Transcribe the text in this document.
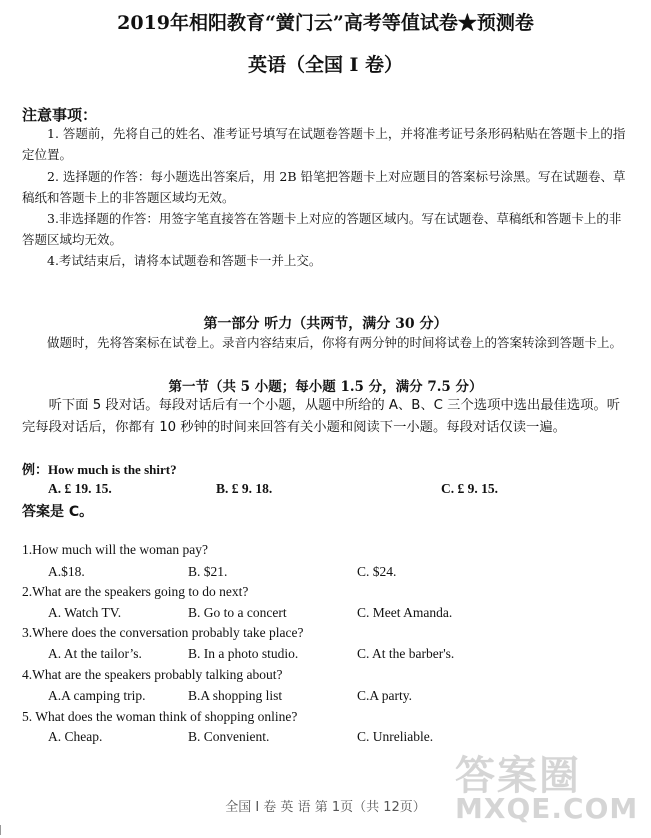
2019年相阳教育“黉门云”高考等值试卷★预测卷
英语（全国 I 卷）
注意事项：
1. 答题前，先将自己的姓名、准考证号填写在试题卷答题卡上，并将准考证号条形码粘贴在答题卡上的指定位置。
2. 选择题的作答：每小题选出答案后，用 2B 铅笔把答题卡上对应题目的答案标号涂黑。写在试题卷、草稿纸和答题卡上的非答题区域均无效。
3.非选择题的作答：用签字笔直接答在答题卡上对应的答题区域内。写在试题卷、草稿纸和答题卡上的非答题区域均无效。
4.考试结束后，请将本试题卷和答题卡一并上交。
第一部分 听力（共两节，满分 30 分）
做题时，先将答案标在试卷上。录音内容结束后，你将有两分钟的时间将试卷上的答案转涂到答题卡上。
第一节（共 5 小题；每小题 1.5 分，满分 7.5 分）
听下面 5 段对话。每段对话后有一个小题，从题中所给的 A、B、C 三个选项中选出最佳选项。听完每段对话后，你都有 10 秒钟的时间来回答有关小题和阅读下一小题。每段对话仅读一遍。
例：How much is the shirt?
A. £ 19. 15.	B. £ 9. 18.	C. £ 9. 15.
答案是 C。
1.How much will the woman pay?
A.$18.	B. $21.	C. $24.
2.What are the speakers going to do next?
A. Watch TV.	B. Go to a concert	C. Meet Amanda.
3.Where does the conversation probably take place?
A. At the tailor’s.	B. In a photo studio.	C. At the barber's.
4.What are the speakers probably talking about?
A.A camping trip.	B.A shopping list	C.A party.
5. What does the woman think of shopping online?
A. Cheap.	B. Convenient.	C. Unreliable.
全国 I 卷 英 语 第 1页（共 12页）
答案圈
MXQE.COM
